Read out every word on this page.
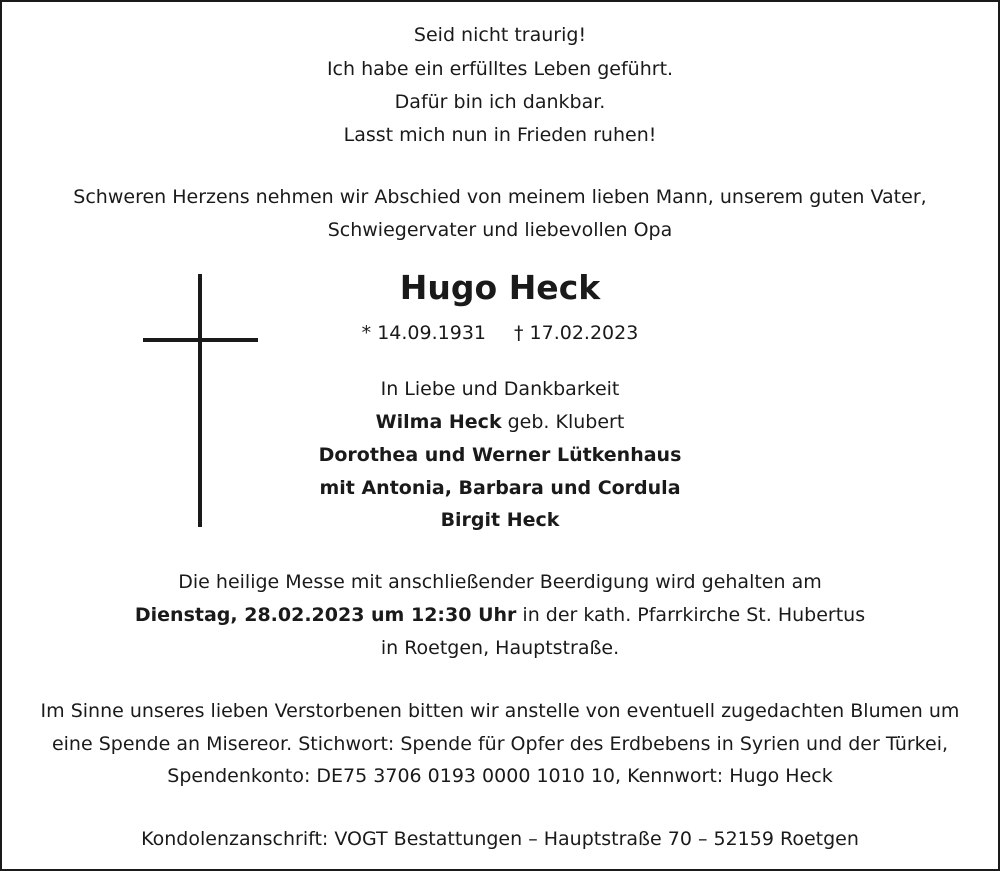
Seid nicht traurig!
Ich habe ein erfülltes Leben geführt.
Dafür bin ich dankbar.
Lasst mich nun in Frieden ruhen!
Schweren Herzens nehmen wir Abschied von meinem lieben Mann, unserem guten Vater,
Schwiegervater und liebevollen Opa
Hugo Heck
* 14.09.1931 † 17.02.2023
In Liebe und Dankbarkeit
Wilma Heck geb. Klubert
Dorothea und Werner Lütkenhaus
mit Antonia, Barbara und Cordula
Birgit Heck
Die heilige Messe mit anschließender Beerdigung wird gehalten am
Dienstag, 28.02.2023 um 12:30 Uhr in der kath. Pfarrkirche St. Hubertus
in Roetgen, Hauptstraße.
Im Sinne unseres lieben Verstorbenen bitten wir anstelle von eventuell zugedachten Blumen um
eine Spende an Misereor. Stichwort: Spende für Opfer des Erdbebens in Syrien und der Türkei,
Spendenkonto: DE75 3706 0193 0000 1010 10, Kennwort: Hugo Heck
Kondolenzanschrift: VOGT Bestattungen – Hauptstraße 70 – 52159 Roetgen
